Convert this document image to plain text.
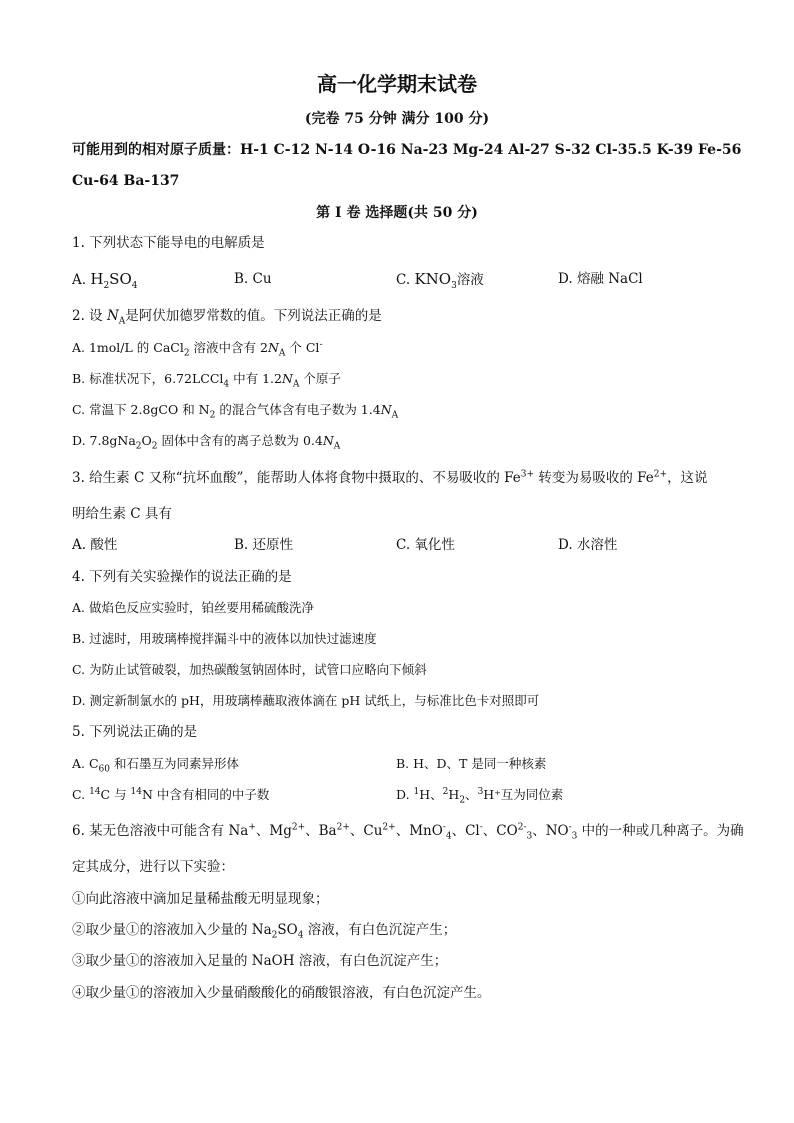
高一化学期末试卷
(完卷 75 分钟 满分 100 分)
可能用到的相对原子质量：H-1 C-12 N-14 O-16 Na-23 Mg-24 Al-27 S-32 Cl-35.5 K-39 Fe-56
Cu-64 Ba-137
第 I 卷 选择题(共 50 分)
1. 下列状态下能导电的电解质是
A. $H_2SO_4$	B. Cu	C. $KNO_3$溶液	D. 熔融 NaCl
2. 设 $N_A$是阿伏加德罗常数的值。下列说法正确的是
A. 1mol/L 的 CaCl$_2$ 溶液中含有 $2N_A$ 个 Cl-
B. 标准状况下，6.72LCCl$_4$ 中有 $1.2N_A$ 个原子
C. 常温下 2.8gCO 和 $N_2$ 的混合气体含有电子数为 $1.4N_A$
D. $7.8gNa_2O_2$ 固体中含有的离子总数为 $0.4N_A$
3. 给生素 C 又称“抗坏血酸”，能帮助人体将食物中摄取的、不易吸收的 $Fe^{3+}$ 转变为易吸收的 $Fe^{2+}$，这说
明给生素 C 具有
A. 酸性	B. 还原性	C. 氧化性	D. 水溶性
4. 下列有关实验操作的说法正确的是
A. 做焰色反应实验时，铂丝要用稀硫酸洗净
B. 过滤时，用玻璃棒搅拌漏斗中的液体以加快过滤速度
C. 为防止试管破裂，加热碳酸氢钠固体时，试管口应略向下倾斜
D. 测定新制氯水的 pH，用玻璃棒蘸取液体滴在 pH 试纸上，与标准比色卡对照即可
5. 下列说法正确的是
A. $C_{60}$ 和石墨互为同素异形体	B. H、D、T 是同一种核素
C. $^{14}$C 与 $^{14}$N 中含有相同的中子数	D. $^1$H、$^2H_2$、$^3$H⁺互为同位素
6. 某无色溶液中可能含有 Na+、$Mg^{2+}$、$Ba^{2+}$、$Cu^{2+}$、MnO-$_4$、Cl-、$CO^{2-}_3$、$NO^-_3$ 中的一种或几种离子。为确
定其成分，进行以下实验：
①向此溶液中滴加足量稀盐酸无明显现象；
②取少量①的溶液加入少量的 $Na_2SO_4$ 溶液，有白色沉淀产生；
③取少量①的溶液加入足量的 NaOH 溶液，有白色沉淀产生；
④取少量①的溶液加入少量硝酸酸化的硝酸银溶液，有白色沉淀产生。
